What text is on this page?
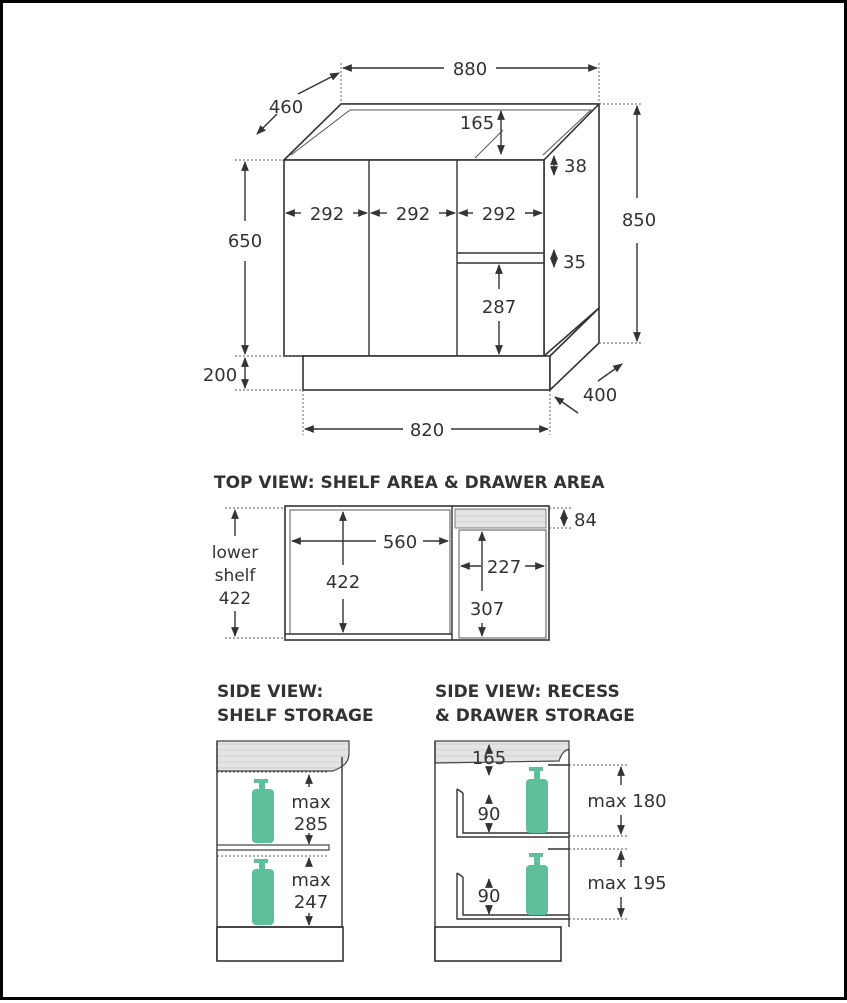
880
460
165
38
850
650
292	292	292
35
287
200
400
820
TOP VIEW: SHELF AREA & DRAWER AREA
lower
shelf
422
560
422
84
227
307
SIDE VIEW:
SHELF STORAGE
max
285
max
247
SIDE VIEW: RECESS
& DRAWER STORAGE
165
90
90
max 180
max 195
